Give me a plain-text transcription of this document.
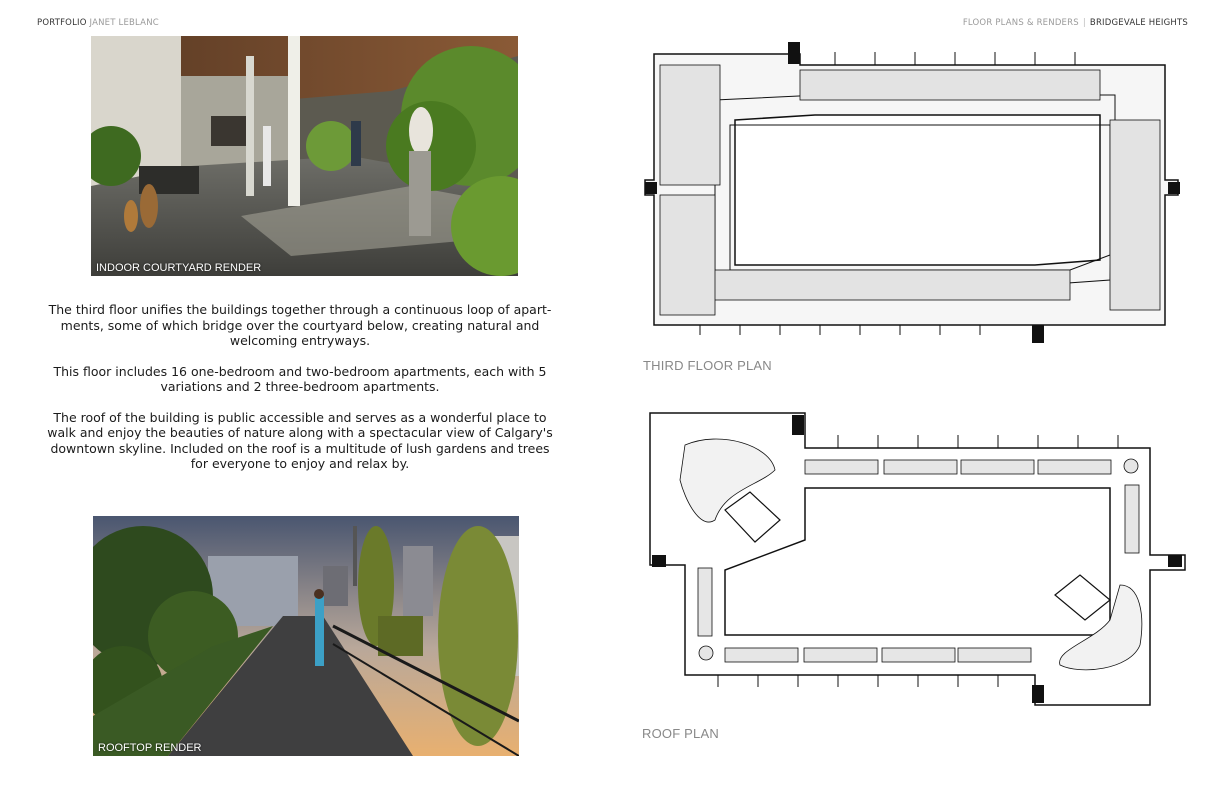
PORTFOLIO JANET LEBLANC	FLOOR PLANS & RENDERS | BRIDGEVALE HEIGHTS
INDOOR COURTYARD RENDER

The third floor unifies the buildings together through a continuous loop of apart-ments, some of which bridge over the courtyard below, creating natural and welcoming entryways.

This floor includes 16 one-bedroom and two-bedroom apartments, each with 5 variations and 2 three-bedroom apartments.

The roof of the building is public accessible and serves as a wonderful place to walk and enjoy the beauties of nature along with a spectacular view of Calgary's downtown skyline. Included on the roof is a multitude of lush gardens and trees for everyone to enjoy and relax by.

ROOFTOP RENDER
THIRD FLOOR PLAN
ROOF PLAN
